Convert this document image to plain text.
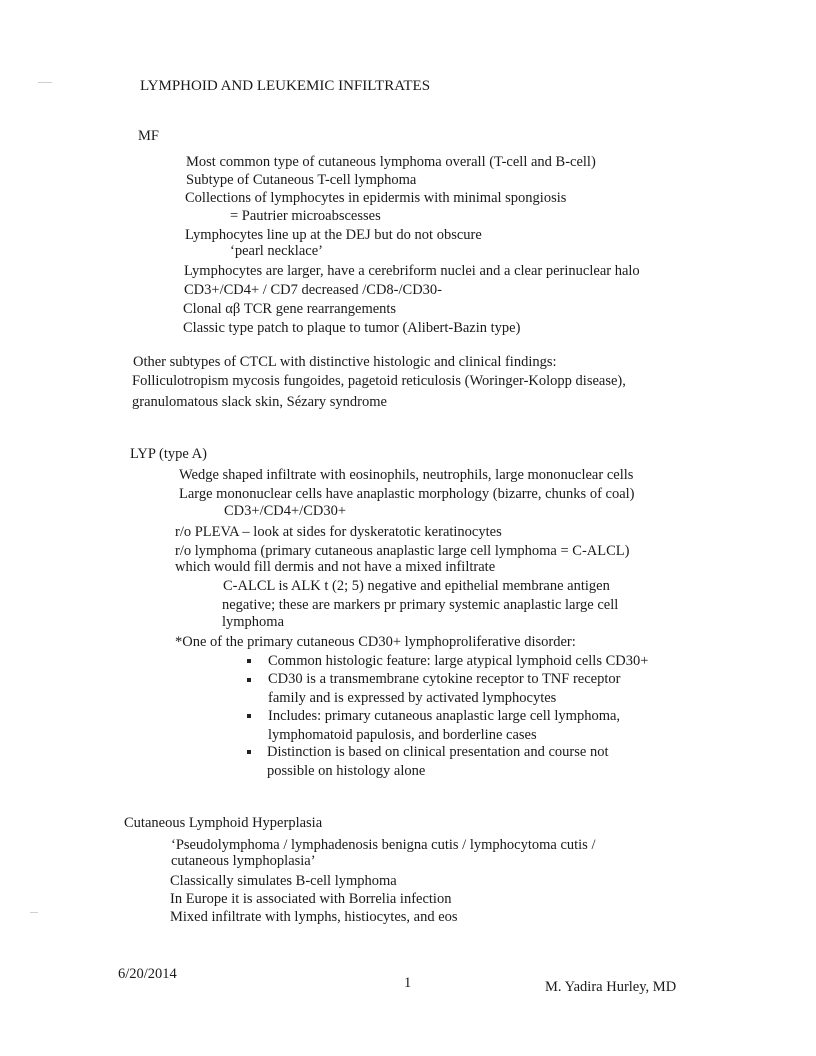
LYMPHOID AND LEUKEMIC INFILTRATES
MF
Most common type of cutaneous lymphoma overall (T-cell and B-cell)
Subtype of Cutaneous T-cell lymphoma
Collections of lymphocytes in epidermis with minimal spongiosis
= Pautrier microabscesses
Lymphocytes line up at the DEJ but do not obscure
‘pearl necklace’
Lymphocytes are larger, have a cerebriform nuclei and a clear perinuclear halo
CD3+/CD4+ / CD7 decreased /CD8-/CD30-
Clonal αβ TCR gene rearrangements
Classic type patch to plaque to tumor (Alibert-Bazin type)
Other subtypes of CTCL with distinctive histologic and clinical findings:
Folliculotropism mycosis fungoides, pagetoid reticulosis (Woringer-Kolopp disease),
granulomatous slack skin, Sézary syndrome
LYP (type A)
Wedge shaped infiltrate with eosinophils, neutrophils, large mononuclear cells
Large mononuclear cells have anaplastic morphology (bizarre, chunks of coal)
CD3+/CD4+/CD30+
r/o PLEVA – look at sides for dyskeratotic keratinocytes
r/o lymphoma (primary cutaneous anaplastic large cell lymphoma = C-ALCL)
which would fill dermis and not have a mixed infiltrate
C-ALCL is ALK t (2; 5) negative and epithelial membrane antigen
negative; these are markers pr primary systemic anaplastic large cell
lymphoma
*One of the primary cutaneous CD30+ lymphoproliferative disorder:
Common histologic feature: large atypical lymphoid cells CD30+
CD30 is a transmembrane cytokine receptor to TNF receptor
family and is expressed by activated lymphocytes
Includes: primary cutaneous anaplastic large cell lymphoma,
lymphomatoid papulosis, and borderline cases
Distinction is based on clinical presentation and course not
possible on histology alone
Cutaneous Lymphoid Hyperplasia
‘Pseudolymphoma / lymphadenosis benigna cutis / lymphocytoma cutis /
cutaneous lymphoplasia’
Classically simulates B-cell lymphoma
In Europe it is associated with Borrelia infection
Mixed infiltrate with lymphs, histiocytes, and eos
6/20/2014
1	M. Yadira Hurley, MD
